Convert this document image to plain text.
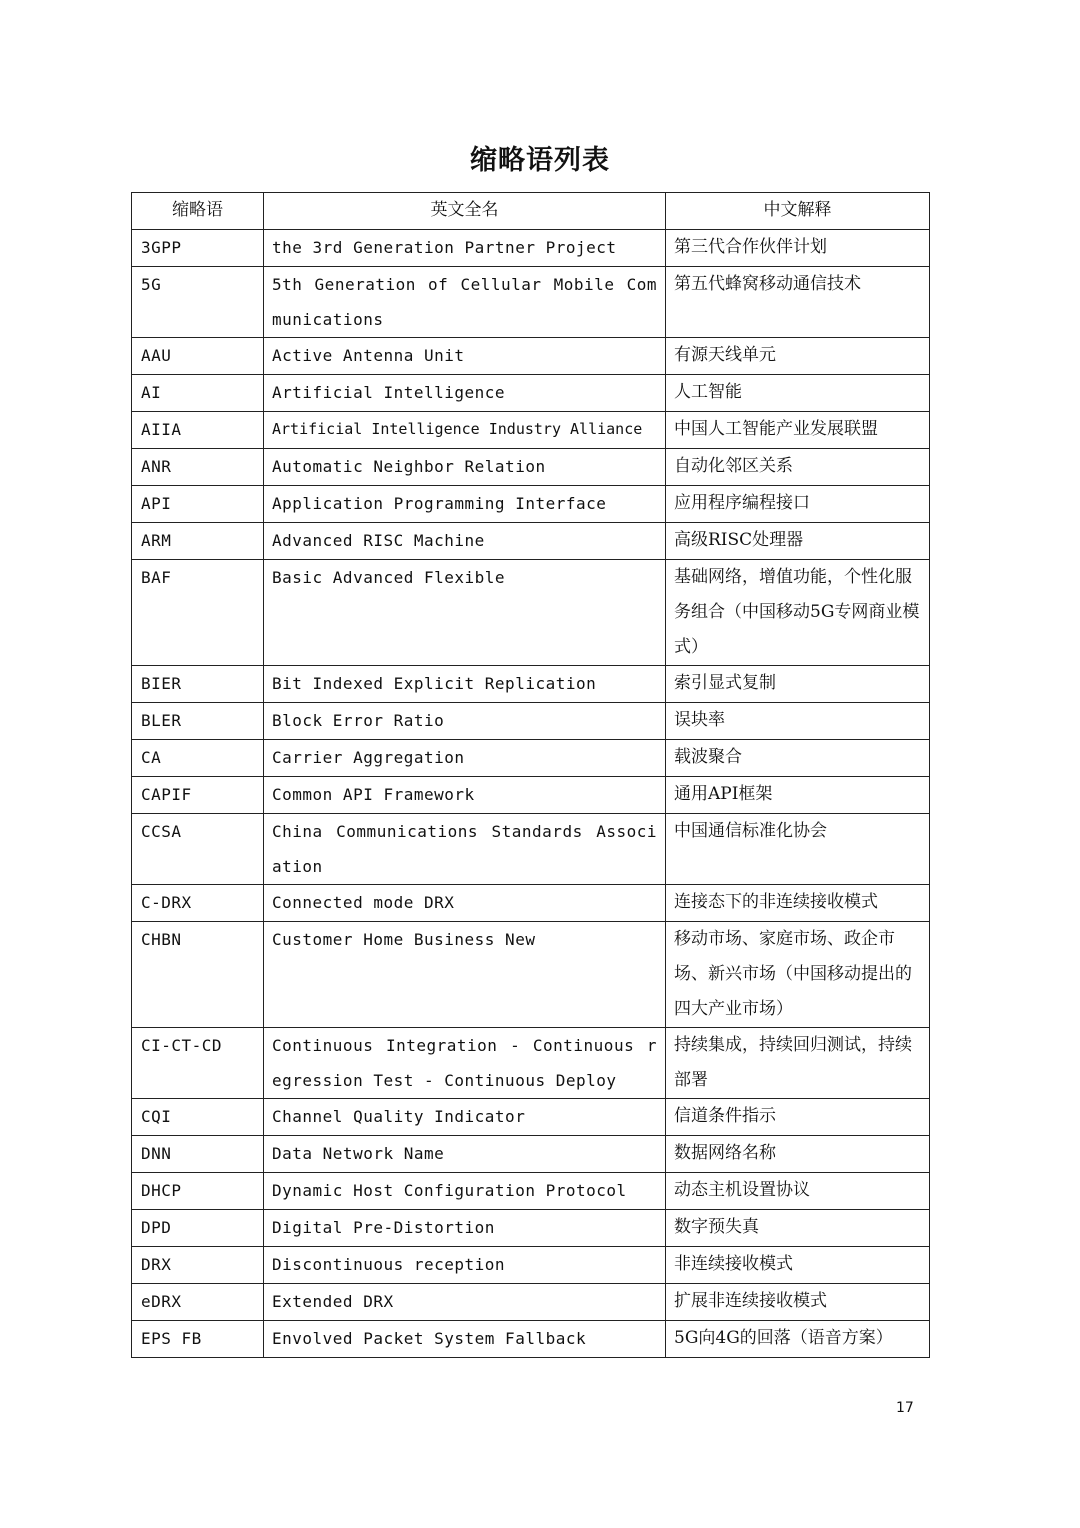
缩略语列表
缩略语	英文全名	中文解释
3GPP	the 3rd Generation Partner Project	第三代合作伙伴计划
5G	5th Generation of Cellular Mobile Communications	第五代蜂窝移动通信技术
AAU	Active Antenna Unit	有源天线单元
AI	Artificial Intelligence	人工智能
AIIA	Artificial Intelligence Industry Alliance	中国人工智能产业发展联盟
ANR	Automatic Neighbor Relation	自动化邻区关系
API	Application Programming Interface	应用程序编程接口
ARM	Advanced RISC Machine	高级RISC处理器
BAF	Basic Advanced Flexible	基础网络，增值功能，个性化服务组合（中国移动5G专网商业模式）
BIER	Bit Indexed Explicit Replication	索引显式复制
BLER	Block Error Ratio	误块率
CA	Carrier Aggregation	载波聚合
CAPIF	Common API Framework	通用API框架
CCSA	China Communications Standards Association	中国通信标准化协会
C-DRX	Connected mode DRX	连接态下的非连续接收模式
CHBN	Customer Home Business New	移动市场、家庭市场、政企市场、新兴市场（中国移动提出的四大产业市场）
CI-CT-CD	Continuous Integration - Continuous regression Test - Continuous Deploy	持续集成，持续回归测试，持续部署
CQI	Channel Quality Indicator	信道条件指示
DNN	Data Network Name	数据网络名称
DHCP	Dynamic Host Configuration Protocol	动态主机设置协议
DPD	Digital Pre-Distortion	数字预失真
DRX	Discontinuous reception	非连续接收模式
eDRX	Extended DRX	扩展非连续接收模式
EPS FB	Envolved Packet System Fallback	5G向4G的回落（语音方案）
17
